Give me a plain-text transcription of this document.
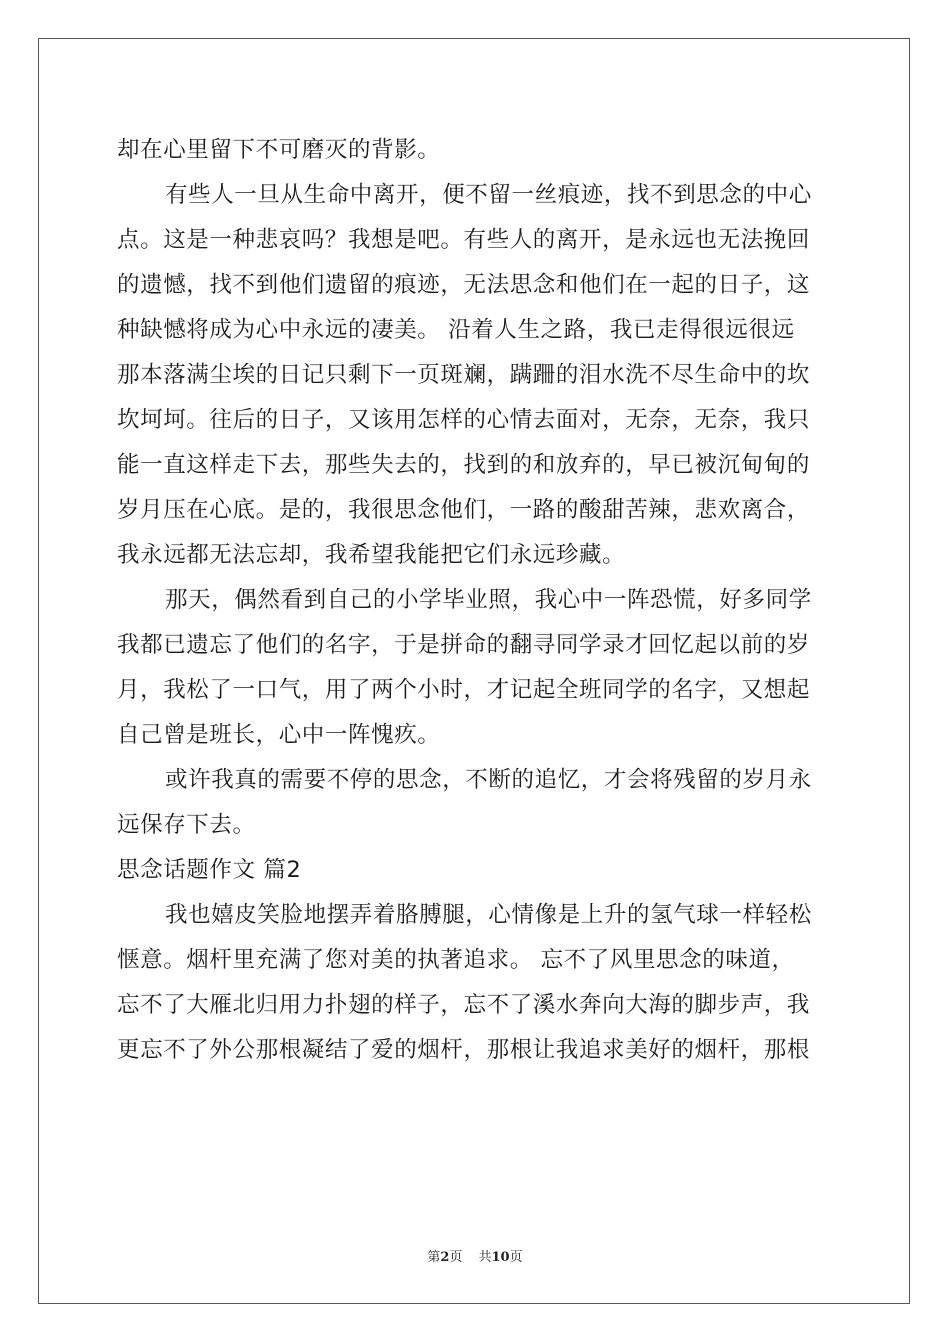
却在心里留下不可磨灭的背影。
有些人一旦从生命中离开，便不留一丝痕迹，找不到思念的中心
点。这是一种悲哀吗？我想是吧。有些人的离开，是永远也无法挽回
的遗憾，找不到他们遗留的痕迹，无法思念和他们在一起的日子，这
种缺憾将成为心中永远的凄美。 沿着人生之路，我已走得很远很远
那本落满尘埃的日记只剩下一页斑斓，蹒跚的泪水洗不尽生命中的坎
坎坷坷。往后的日子，又该用怎样的心情去面对，无奈，无奈，我只
能一直这样走下去，那些失去的，找到的和放弃的，早已被沉甸甸的
岁月压在心底。是的，我很思念他们，一路的酸甜苦辣，悲欢离合，
我永远都无法忘却，我希望我能把它们永远珍藏。
那天，偶然看到自己的小学毕业照，我心中一阵恐慌，好多同学
我都已遗忘了他们的名字，于是拼命的翻寻同学录才回忆起以前的岁
月，我松了一口气，用了两个小时，才记起全班同学的名字，又想起
自己曾是班长，心中一阵愧疚。
或许我真的需要不停的思念，不断的追忆，才会将残留的岁月永
远保存下去。
思念话题作文 篇2
我也嬉皮笑脸地摆弄着胳膊腿，心情像是上升的氢气球一样轻松
惬意。烟杆里充满了您对美的执著追求。 忘不了风里思念的味道，
忘不了大雁北归用力扑翅的样子，忘不了溪水奔向大海的脚步声，我
更忘不了外公那根凝结了爱的烟杆，那根让我追求美好的烟杆，那根
第2页 共10页
